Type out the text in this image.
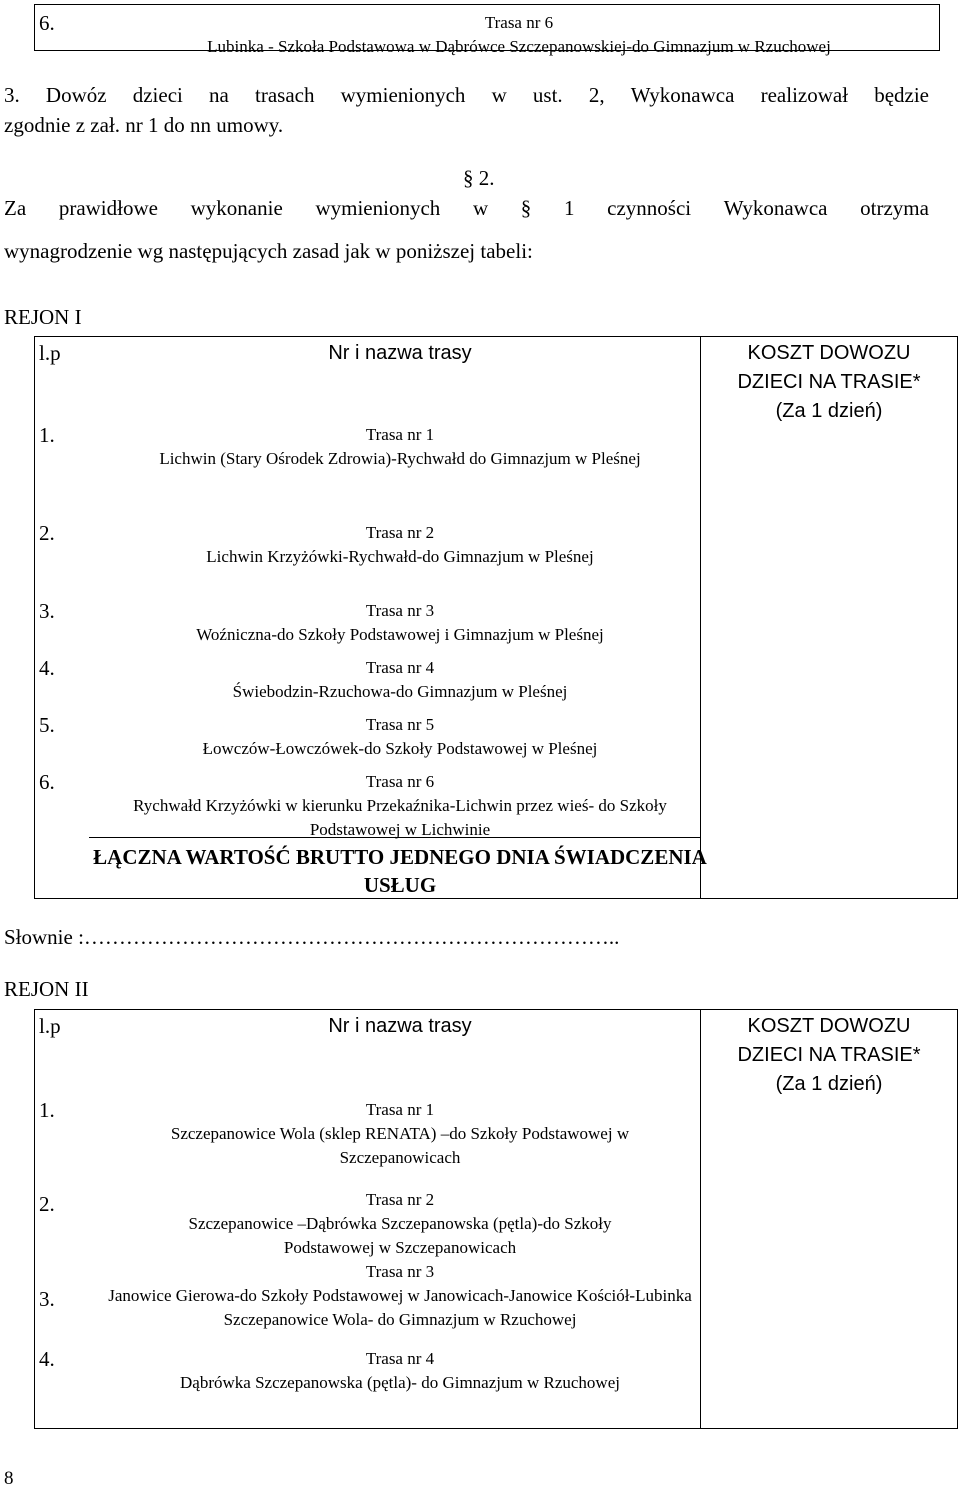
6.	Trasa nr 6
Lubinka - Szkoła Podstawowa w Dąbrówce Szczepanowskiej-do Gimnazjum w Rzuchowej
3. Dowóz dzieci na trasach wymienionych w ust. 2, Wykonawca realizował będzie
zgodnie z zał. nr 1 do nn umowy.
§ 2.
Za prawidłowe wykonanie wymienionych w § 1 czynności Wykonawca otrzyma
wynagrodzenie wg następujących zasad jak w poniższej tabeli:
REJON I
l.p	Nr i nazwa trasy	KOSZT DOWOZU
DZIECI NA TRASIE*
(Za 1 dzień)
1.	Trasa nr 1
Lichwin (Stary Ośrodek Zdrowia)-Rychwałd do Gimnazjum w Pleśnej
2.	Trasa nr 2
Lichwin Krzyżówki-Rychwałd-do Gimnazjum w Pleśnej
3.	Trasa nr 3
Woźniczna-do Szkoły Podstawowej i Gimnazjum w Pleśnej
4.	Trasa nr 4
Świebodzin-Rzuchowa-do Gimnazjum w Pleśnej
5.	Trasa nr 5
Łowczów-Łowczówek-do Szkoły Podstawowej w Pleśnej
6.	Trasa nr 6
Rychwałd Krzyżówki w kierunku Przekaźnika-Lichwin przez wieś- do Szkoły Podstawowej w Lichwinie
ŁĄCZNA WARTOŚĆ BRUTTO JEDNEGO DNIA ŚWIADCZENIA USŁUG
Słownie :…………………………………………………………………..
REJON II
l.p	Nr i nazwa trasy	KOSZT DOWOZU
DZIECI NA TRASIE*
(Za 1 dzień)
1.	Trasa nr 1
Szczepanowice Wola (sklep RENATA) –do Szkoły Podstawowej w Szczepanowicach
2.	Trasa nr 2
Szczepanowice –Dąbrówka Szczepanowska (pętla)-do Szkoły Podstawowej w Szczepanowicach
3.
Trasa nr 3
Janowice Gierowa-do Szkoły Podstawowej w Janowicach-Janowice Kościół-Lubinka Szczepanowice Wola- do Gimnazjum w Rzuchowej
4.	Trasa nr 4
Dąbrówka Szczepanowska (pętla)- do Gimnazjum w Rzuchowej
8
